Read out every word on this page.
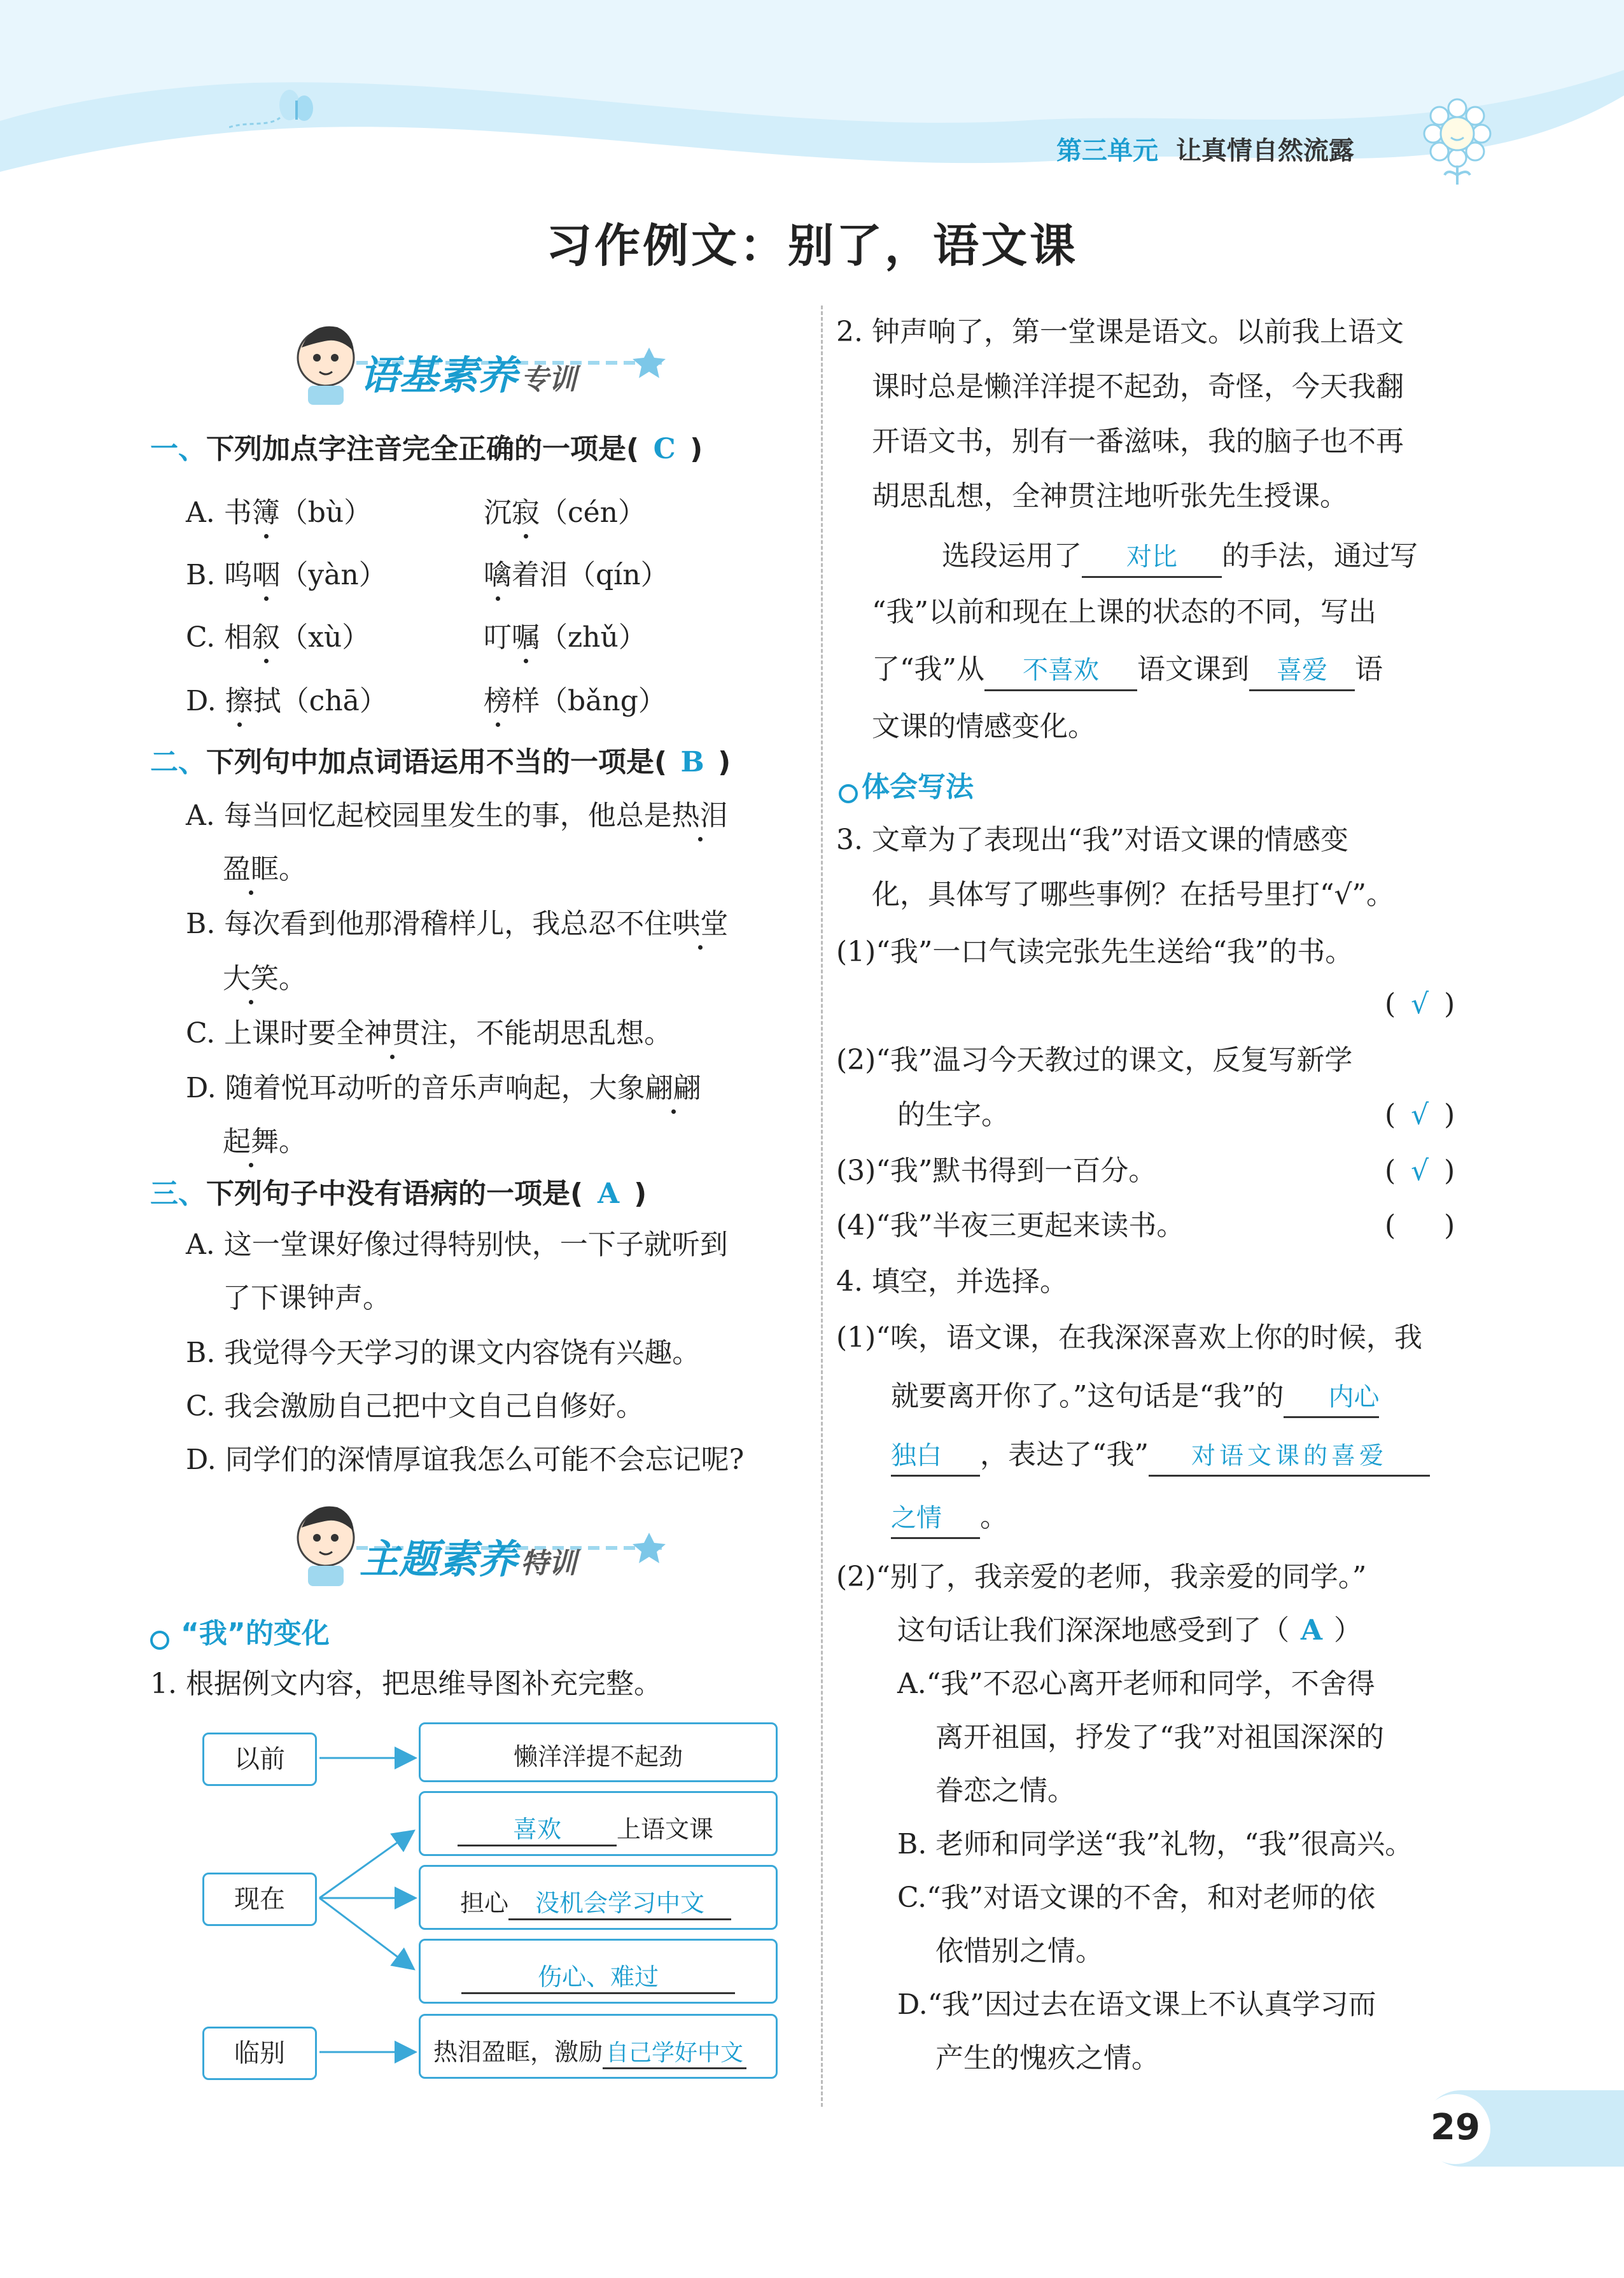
第三单元 让真情自然流露
习作例文：别了，语文课
语基素养 专训
一、下列加点字注音完全正确的一项是( C )
A. 书簿（bù）	沉寂（cén）
B. 呜咽（yàn）	噙着泪（qín）
C. 相叙（xù）	叮嘱（zhǔ）
D. 擦拭（chā）	榜样（bǎng）
二、下列句中加点词语运用不当的一项是( B )
A. 每当回忆起校园里发生的事，他总是热泪
盈眶。
B. 每次看到他那滑稽样儿，我总忍不住哄堂
大笑。
C. 上课时要全神贯注，不能胡思乱想。
D. 随着悦耳动听的音乐声响起，大象翩翩
起舞。
三、下列句子中没有语病的一项是( A )
A. 这一堂课好像过得特别快，一下子就听到
了下课钟声。
B. 我觉得今天学习的课文内容饶有兴趣。
C. 我会激励自己把中文自己自修好。
D. 同学们的深情厚谊我怎么可能不会忘记呢?
主题素养 特训
“我”的变化
1. 根据例文内容，把思维导图补充完整。
以前
现在
临别
懒洋洋提不起劲
喜欢 上语文课
担心 没机会学习中文
伤心、难过
热泪盈眶，激励 自己学好中文
2. 钟声响了，第一堂课是语文。以前我上语文
课时总是懒洋洋提不起劲，奇怪，今天我翻
开语文书，别有一番滋味，我的脑子也不再
胡思乱想，全神贯注地听张先生授课。
选段运用了 对比 的手法，通过写
“我”以前和现在上课的状态的不同，写出
了“我”从 不喜欢 语文课到 喜爱 语
文课的情感变化。
体会写法
3. 文章为了表现出“我”对语文课的情感变
化，具体写了哪些事例？在括号里打“√”。
(1)“我”一口气读完张先生送给“我”的书。
( √ )
(2)“我”温习今天教过的课文，反复写新学
的生字。	( √ )
(3)“我”默书得到一百分。	( √ )
(4)“我”半夜三更起来读书。	( )
4. 填空，并选择。
(1)“唉，语文课，在我深深喜欢上你的时候，我
就要离开你了。”这句话是“我”的 内心
独白 ，表达了“我” 对语文课的喜爱
之情 。
(2)“别了，我亲爱的老师，我亲爱的同学。”
这句话让我们深深地感受到了（ A ）
A.“我”不忍心离开老师和同学，不舍得
离开祖国，抒发了“我”对祖国深深的
眷恋之情。
B. 老师和同学送“我”礼物，“我”很高兴。
C.“我”对语文课的不舍，和对老师的依
依惜别之情。
D.“我”因过去在语文课上不认真学习而
产生的愧疚之情。
29
